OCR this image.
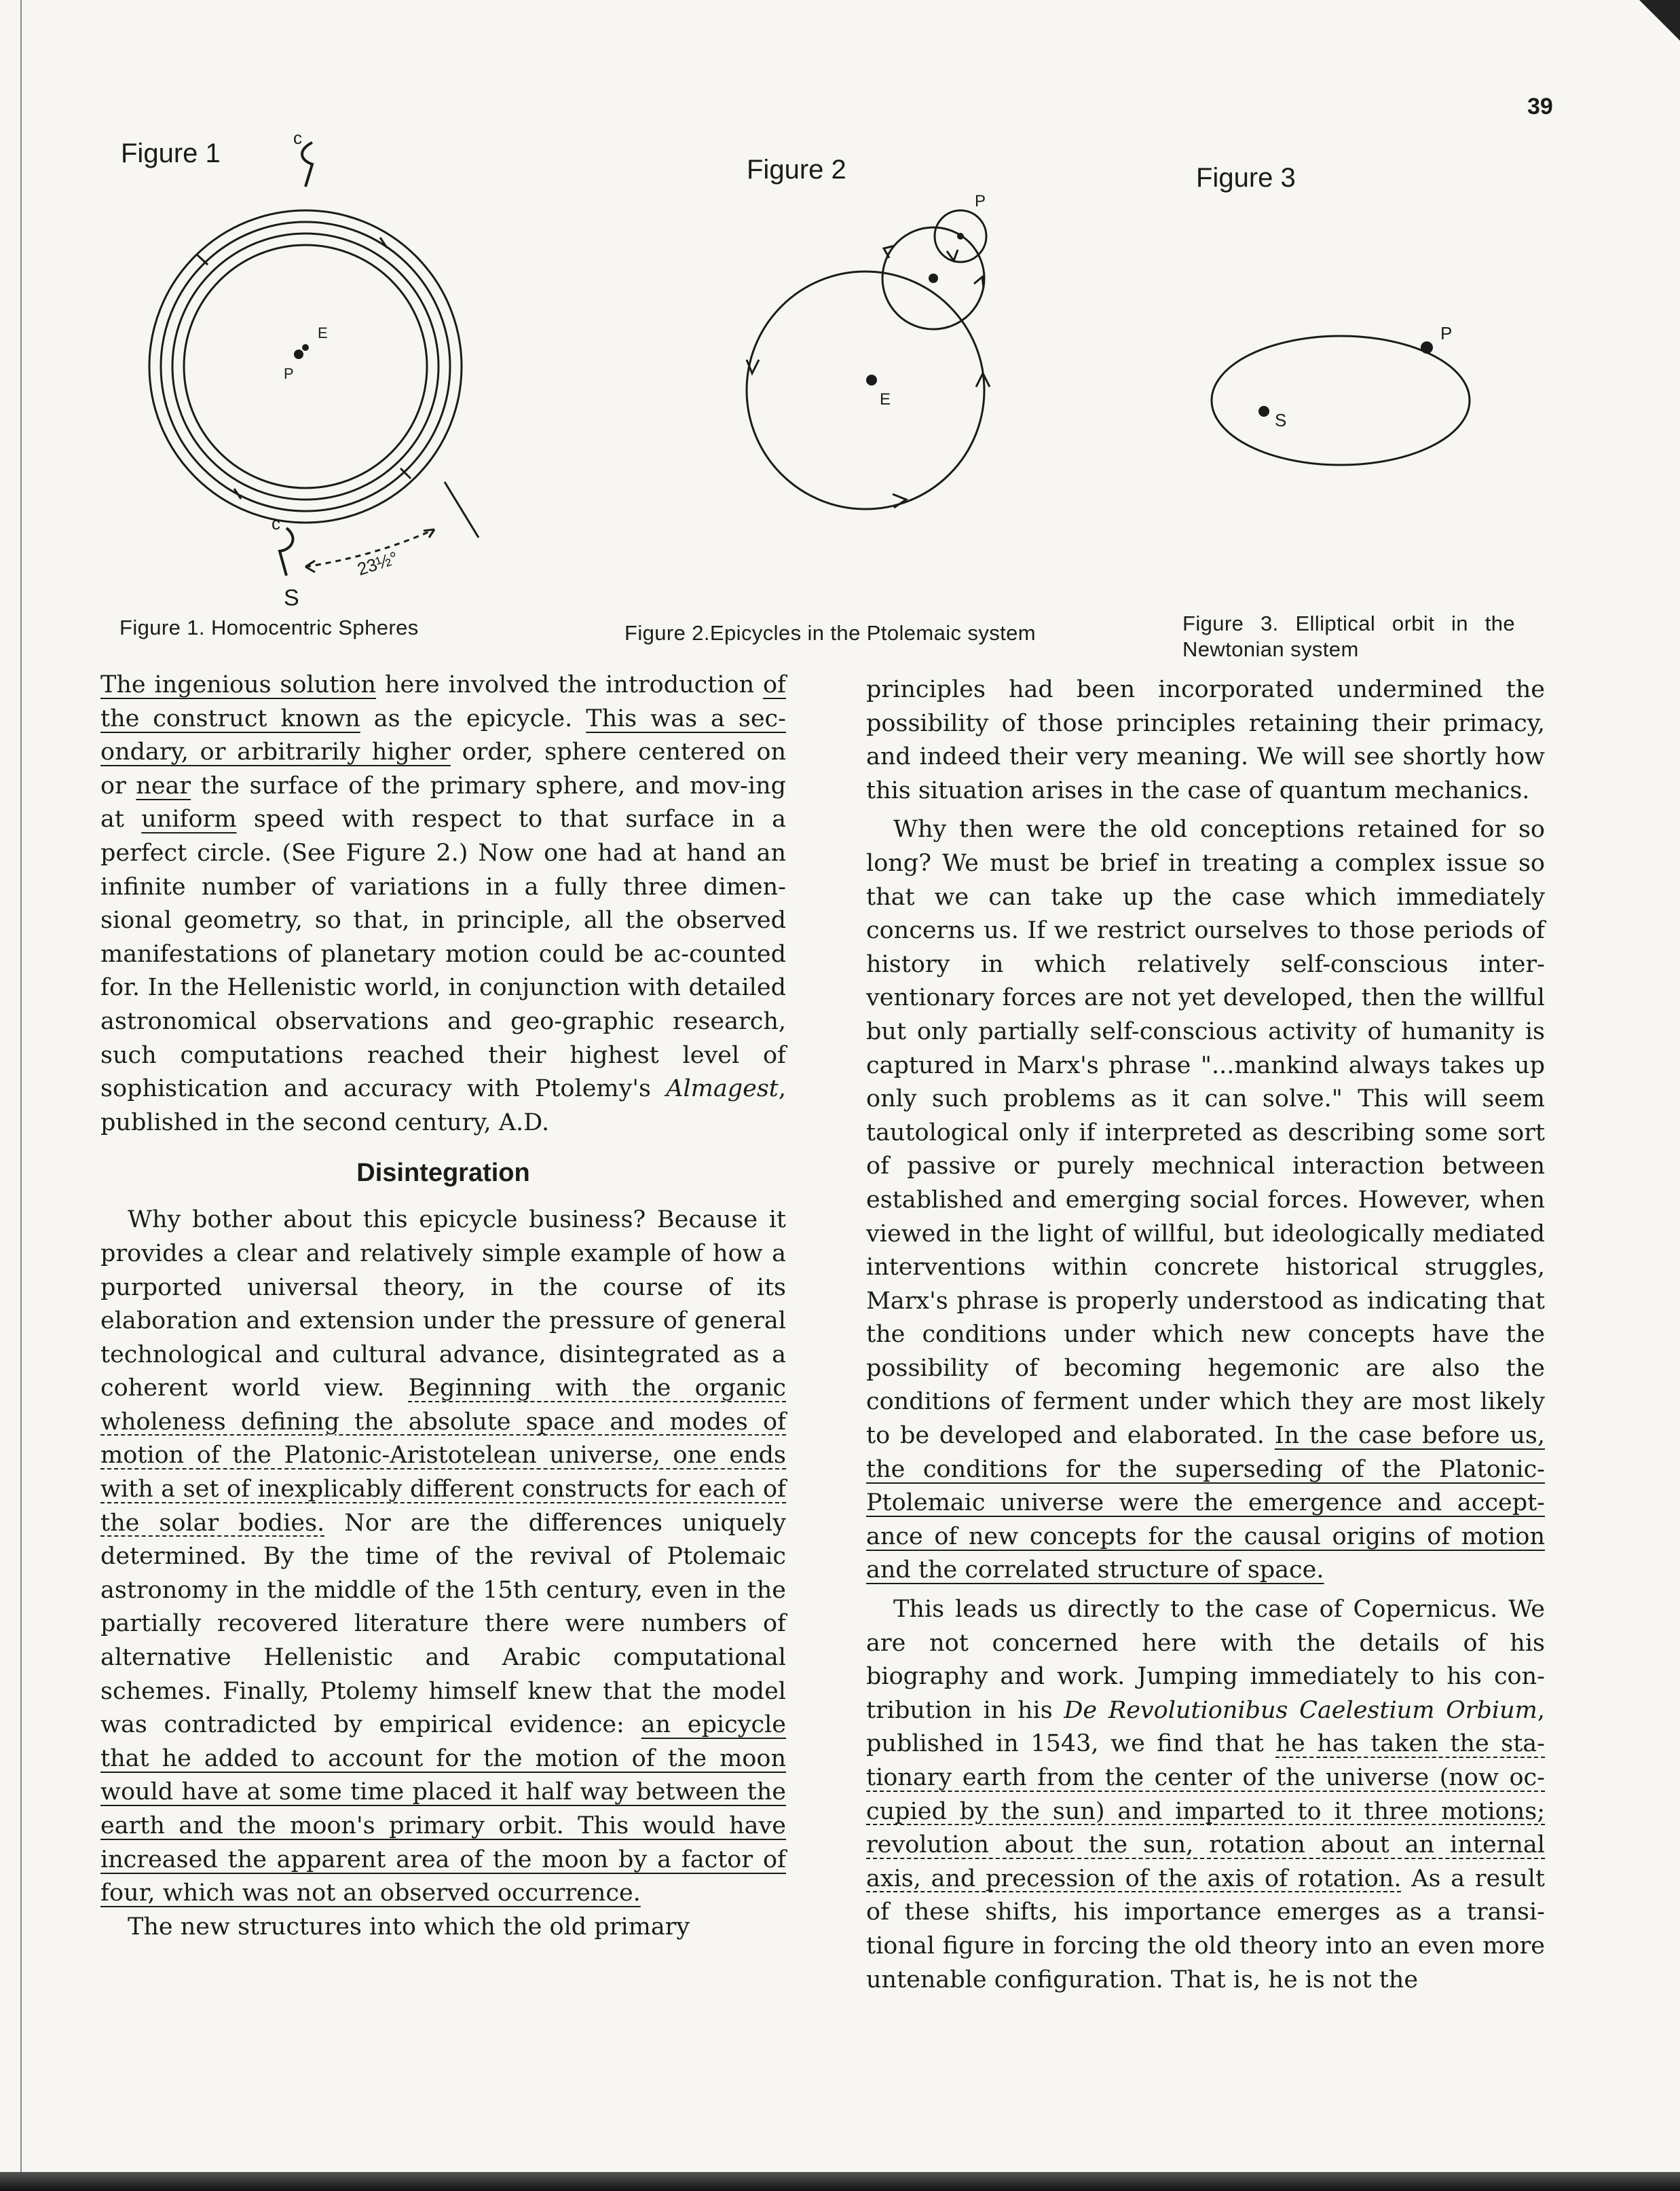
39
Figure 1
E
P
c
c
S
23½°
Figure 1. Homocentric Spheres
Figure 2
E
P
Figure 2.Epicycles in the Ptolemaic system
Figure 3
S
P
Figure 3. Elliptical orbit in the
Newtonian system

The ingenious solution here involved the introduction of the construct known as the epicycle. This was a sec-ondary, or arbitrarily higher order, sphere centered on or near the surface of the primary sphere, and mov-ing at uniform speed with respect to that surface in a perfect circle. (See Figure 2.) Now one had at hand an infinite number of variations in a fully three dimen-sional geometry, so that, in principle, all the observed manifestations of planetary motion could be ac-counted for. In the Hellenistic world, in conjunction with detailed astronomical observations and geo-graphic research, such computations reached their highest level of sophistication and accuracy with Ptolemy's Almagest, published in the second century, A.D.

Disintegration

Why bother about this epicycle business? Because it provides a clear and relatively simple example of how a purported universal theory, in the course of its elaboration and extension under the pressure of general technological and cultural advance, disintegrated as a coherent world view. Beginning with the organic wholeness defining the absolute space and modes of motion of the Platonic-Aristotelean universe, one ends with a set of inexplicably different constructs for each of the solar bodies. Nor are the differences uniquely determined. By the time of the revival of Ptolemaic astronomy in the middle of the 15th century, even in the partially recovered literature there were numbers of alternative Hellenistic and Arabic computational schemes. Finally, Ptolemy himself knew that the model was contradicted by empirical evidence: an epicycle that he added to account for the motion of the moon would have at some time placed it half way between the earth and the moon's primary orbit. This would have increased the apparent area of the moon by a factor of four, which was not an observed occurrence.

The new structures into which the old primary

principles had been incorporated undermined the possibility of those principles retaining their primacy, and indeed their very meaning. We will see shortly how this situation arises in the case of quantum mechanics.

Why then were the old conceptions retained for so long? We must be brief in treating a complex issue so that we can take up the case which immediately concerns us. If we restrict ourselves to those periods of history in which relatively self-conscious inter-ventionary forces are not yet developed, then the willful but only partially self-conscious activity of humanity is captured in Marx's phrase "...mankind always takes up only such problems as it can solve." This will seem tautological only if interpreted as describing some sort of passive or purely mechnical interaction between established and emerging social forces. However, when viewed in the light of willful, but ideologically mediated interventions within concrete historical struggles, Marx's phrase is properly understood as indicating that the conditions under which new concepts have the possibility of becoming hegemonic are also the conditions of ferment under which they are most likely to be developed and elaborated. In the case before us, the conditions for the superseding of the Platonic-Ptolemaic universe were the emergence and accept-ance of new concepts for the causal origins of motion and the correlated structure of space.

This leads us directly to the case of Copernicus. We are not concerned here with the details of his biography and work. Jumping immediately to his con-tribution in his De Revolutionibus Caelestium Orbium, published in 1543, we find that he has taken the sta-tionary earth from the center of the universe (now oc-cupied by the sun) and imparted to it three motions; revolution about the sun, rotation about an internal axis, and precession of the axis of rotation. As a result of these shifts, his importance emerges as a transi-tional figure in forcing the old theory into an even more untenable configuration. That is, he is not the
